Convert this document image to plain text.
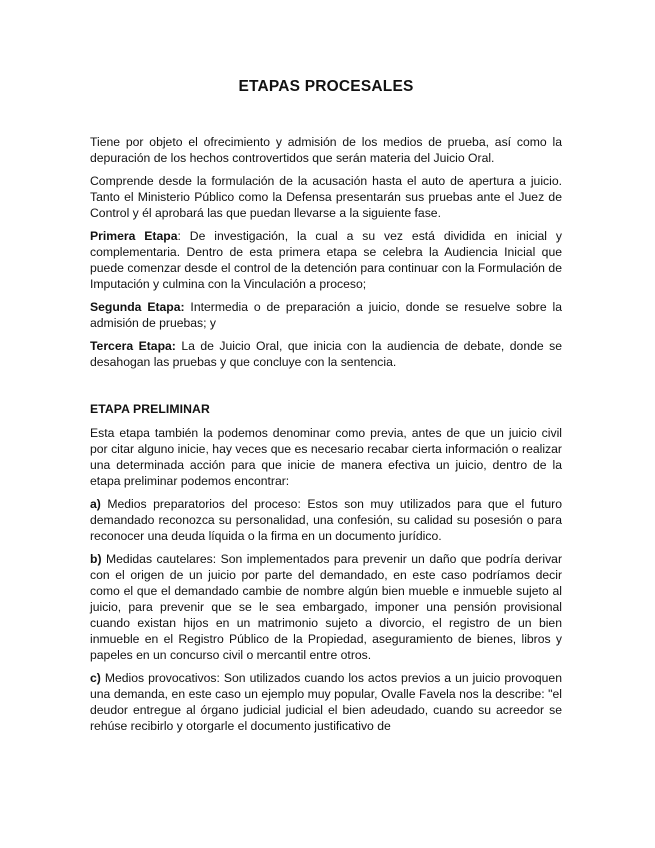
ETAPAS PROCESALES

Tiene por objeto el ofrecimiento y admisión de los medios de prueba, así como la depuración de los hechos controvertidos que serán materia del Juicio Oral.

Comprende desde la formulación de la acusación hasta el auto de apertura a juicio. Tanto el Ministerio Público como la Defensa presentarán sus pruebas ante el Juez de Control y él aprobará las que puedan llevarse a la siguiente fase.

Primera Etapa: De investigación, la cual a su vez está dividida en inicial y complementaria. Dentro de esta primera etapa se celebra la Audiencia Inicial que puede comenzar desde el control de la detención para continuar con la Formulación de Imputación y culmina con la Vinculación a proceso;

Segunda Etapa: Intermedia o de preparación a juicio, donde se resuelve sobre la admisión de pruebas; y

Tercera Etapa: La de Juicio Oral, que inicia con la audiencia de debate, donde se desahogan las pruebas y que concluye con la sentencia.

ETAPA PRELIMINAR

Esta etapa también la podemos denominar como previa, antes de que un juicio civil por citar alguno inicie, hay veces que es necesario recabar cierta información o realizar una determinada acción para que inicie de manera efectiva un juicio, dentro de la etapa preliminar podemos encontrar:

a) Medios preparatorios del proceso: Estos son muy utilizados para que el futuro demandado reconozca su personalidad, una confesión, su calidad su posesión o para reconocer una deuda líquida o la firma en un documento jurídico.

b) Medidas cautelares: Son implementados para prevenir un daño que podría derivar con el origen de un juicio por parte del demandado, en este caso podríamos decir como el que el demandado cambie de nombre algún bien mueble e inmueble sujeto al juicio, para prevenir que se le sea embargado, imponer una pensión provisional cuando existan hijos en un matrimonio sujeto a divorcio, el registro de un bien inmueble en el Registro Público de la Propiedad, aseguramiento de bienes, libros y papeles en un concurso civil o mercantil entre otros.

c) Medios provocativos: Son utilizados cuando los actos previos a un juicio provoquen una demanda, en este caso un ejemplo muy popular, Ovalle Favela nos la describe: "el deudor entregue al órgano judicial judicial el bien adeudado, cuando su acreedor se rehúse recibirlo y otorgarle el documento justificativo de
